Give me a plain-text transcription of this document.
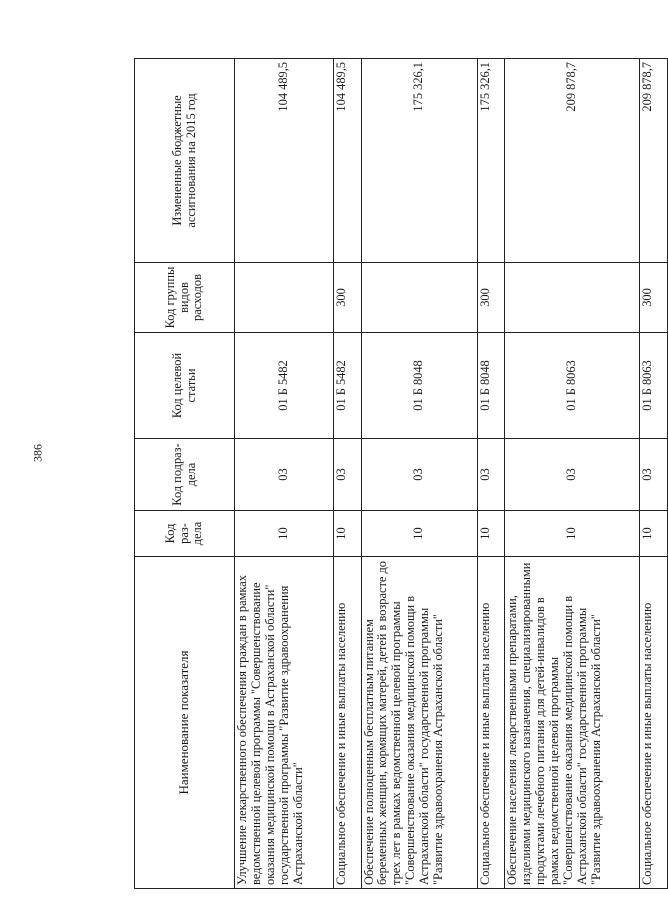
386
Наименование показателя	Код раз-дела	Код подраз-дела	Код целевой статьи	Код группы видов расходов	Измененные бюджетные ассигнования на 2015 год
Улучшение лекарственного обеспечения граждан в рамках ведомственной целевой программы "Совершенствование оказания медицинской помощи в Астраханской области" государственной программы "Развитие здравоохранения Астраханской области"	10	03	01 Б 5482		104 489,5
Социальное обеспечение и иные выплаты населению	10	03	01 Б 5482	300	104 489,5
Обеспечение полноценным бесплатным питанием беременных женщин, кормящих матерей, детей в возрасте до трех лет в рамках ведомственной целевой программы "Совершенствование оказания медицинской помощи в Астраханской области" государственной программы "Развитие здравоохранения Астраханской области"	10	03	01 Б 8048		175 326,1
Социальное обеспечение и иные выплаты населению	10	03	01 Б 8048	300	175 326,1
Обеспечение населения лекарственными препаратами, изделиями медицинского назначения, специализированными продуктами лечебного питания для детей-инвалидов в рамках ведомственной целевой программы "Совершенствование оказания медицинской помощи в Астраханской области" государственной программы "Развитие здравоохранения Астраханской области"	10	03	01 Б 8063		209 878,7
Социальное обеспечение и иные выплаты населению	10	03	01 Б 8063	300	209 878,7
